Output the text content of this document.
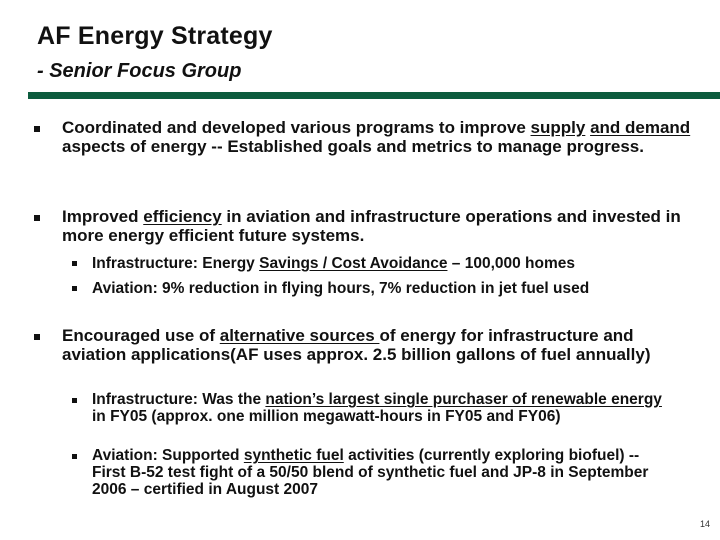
AF Energy Strategy
- Senior Focus Group
Coordinated and developed various programs to improve supply and demand aspects of energy -- Established goals and metrics to manage progress.
Improved efficiency in aviation and infrastructure operations and invested in more energy efficient future systems.
Infrastructure: Energy Savings / Cost Avoidance – 100,000 homes
Aviation: 9% reduction in flying hours, 7% reduction in jet fuel used
Encouraged use of alternative sources of energy for infrastructure and aviation applications(AF uses approx. 2.5 billion gallons of fuel annually)
Infrastructure: Was the nation’s largest single purchaser of renewable energy in FY05 (approx. one million megawatt-hours in FY05 and FY06)
Aviation: Supported synthetic fuel activities (currently exploring biofuel) --First B-52 test fight of a 50/50 blend of synthetic fuel and JP-8 in September 2006 – certified in August 2007
14
